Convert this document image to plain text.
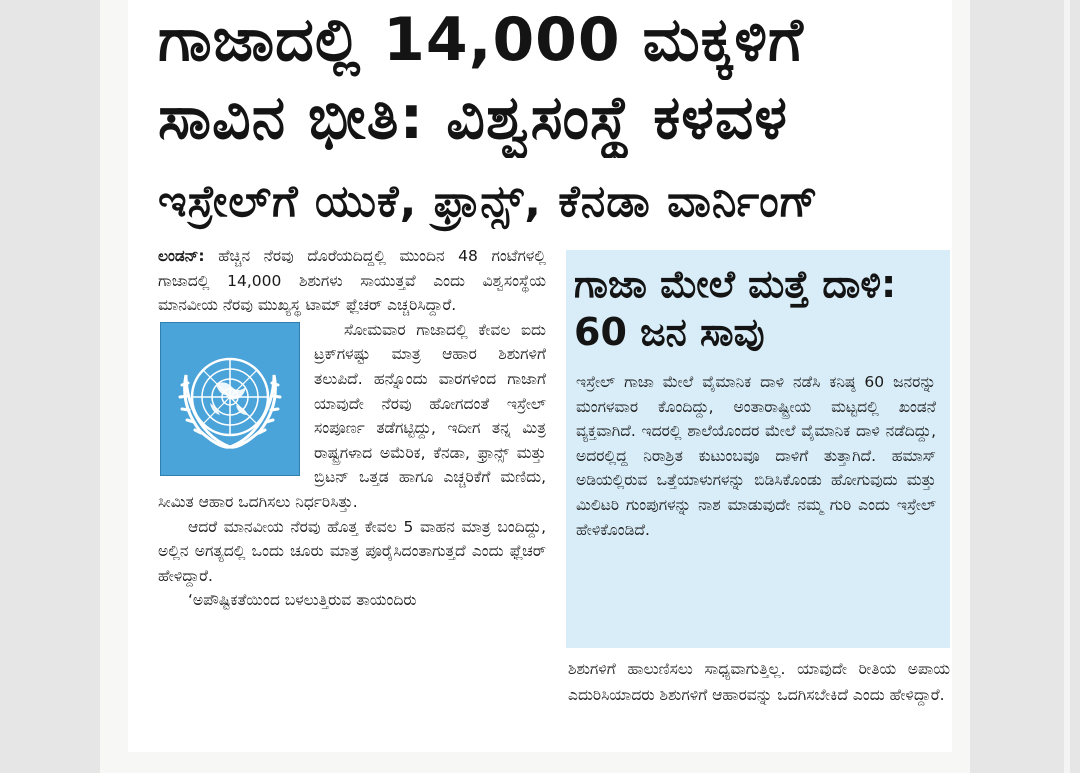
ಗಾಜಾದಲ್ಲಿ 14,000 ಮಕ್ಕಳಿಗೆ
ಸಾವಿನ ಭೀತಿ: ವಿಶ್ವಸಂಸ್ಥೆ ಕಳವಳ
ಇಸ್ರೇಲ್‌ಗೆ ಯುಕೆ, ಫ್ರಾನ್ಸ್, ಕೆನಡಾ ವಾರ್ನಿಂಗ್

ಲಂಡನ್: ಹೆಚ್ಚಿನ ನೆರವು ದೊರೆಯದಿದ್ದಲ್ಲಿ ಮುಂದಿನ 48 ಗಂಟೆಗಳಲ್ಲಿ ಗಾಜಾದಲ್ಲಿ 14,000 ಶಿಶುಗಳು ಸಾಯುತ್ತವೆ ಎಂದು ವಿಶ್ವಸಂಸ್ಥೆಯ ಮಾನವೀಯ ನೆರವು ಮುಖ್ಯಸ್ಥ ಟಾಮ್ ಫ್ಲೆಚರ್ ಎಚ್ಚರಿಸಿದ್ದಾರೆ.

ಸೋಮವಾರ ಗಾಜಾದಲ್ಲಿ ಕೇವಲ ಐದು ಟ್ರಕ್‌ಗಳಷ್ಟು ಮಾತ್ರ ಆಹಾರ ಶಿಶುಗಳಿಗೆ ತಲುಪಿದೆ. ಹನ್ನೊಂದು ವಾರಗಳಿಂದ ಗಾಜಾಗೆ ಯಾವುದೇ ನೆರವು ಹೋಗದಂತೆ ಇಸ್ರೇಲ್ ಸಂಪೂರ್ಣ ತಡೆಗಟ್ಟಿದ್ದು, ಇದೀಗ ತನ್ನ ಮಿತ್ರ ರಾಷ್ಟ್ರಗಳಾದ ಅಮೆರಿಕ, ಕೆನಡಾ, ಫ್ರಾನ್ಸ್ ಮತ್ತು ಬ್ರಿಟನ್ ಒತ್ತಡ ಹಾಗೂ ಎಚ್ಚರಿಕೆಗೆ ಮಣಿದು, ಸೀಮಿತ ಆಹಾರ ಒದಗಿಸಲು ನಿರ್ಧರಿಸಿತ್ತು.

ಆದರೆ ಮಾನವೀಯ ನೆರವು ಹೊತ್ತ ಕೇವಲ 5 ವಾಹನ ಮಾತ್ರ ಬಂದಿದ್ದು, ಅಲ್ಲಿನ ಅಗತ್ಯದಲ್ಲಿ ಒಂದು ಚೂರು ಮಾತ್ರ ಪೂರೈಸಿದಂತಾಗುತ್ತದೆ ಎಂದು ಫ್ಲೆಚರ್ ಹೇಳಿದ್ದಾರೆ.

‘ಅಪೌಷ್ಟಿಕತೆಯಿಂದ ಬಳಲುತ್ತಿರುವ ತಾಯಂದಿರು

ಗಾಜಾ ಮೇಲೆ ಮತ್ತೆ ದಾಳಿ: 60 ಜನ ಸಾವು
ಇಸ್ರೇಲ್ ಗಾಜಾ ಮೇಲೆ ವೈಮಾನಿಕ ದಾಳಿ ನಡೆಸಿ ಕನಿಷ್ಠ 60 ಜನರನ್ನು ಮಂಗಳವಾರ ಕೊಂದಿದ್ದು, ಅಂತಾರಾಷ್ಟ್ರೀಯ ಮಟ್ಟದಲ್ಲಿ ಖಂಡನೆ ವ್ಯಕ್ತವಾಗಿದೆ. ಇದರಲ್ಲಿ ಶಾಲೆಯೊಂದರ ಮೇಲೆ ವೈಮಾನಿಕ ದಾಳಿ ನಡೆದಿದ್ದು, ಅದರಲ್ಲಿದ್ದ ನಿರಾಶ್ರಿತ ಕುಟುಂಬವೂ ದಾಳಿಗೆ ತುತ್ತಾಗಿದೆ. ಹಮಾಸ್ ಅಡಿಯಲ್ಲಿರುವ ಒತ್ತೆಯಾಳುಗಳನ್ನು ಬಿಡಿಸಿಕೊಂಡು ಹೋಗುವುದು ಮತ್ತು ಮಿಲಿಟರಿ ಗುಂಪುಗಳನ್ನು ನಾಶ ಮಾಡುವುದೇ ನಮ್ಮ ಗುರಿ ಎಂದು ಇಸ್ರೇಲ್ ಹೇಳಿಕೊಂಡಿದೆ.
ಶಿಶುಗಳಿಗೆ ಹಾಲುಣಿಸಲು ಸಾಧ್ಯವಾಗುತ್ತಿಲ್ಲ. ಯಾವುದೇ ರೀತಿಯ ಅಪಾಯ ಎದುರಿಸಿಯಾದರು ಶಿಶುಗಳಿಗೆ ಆಹಾರವನ್ನು ಒದಗಿಸಬೇಕಿದೆ ಎಂದು ಹೇಳಿದ್ದಾರೆ.
